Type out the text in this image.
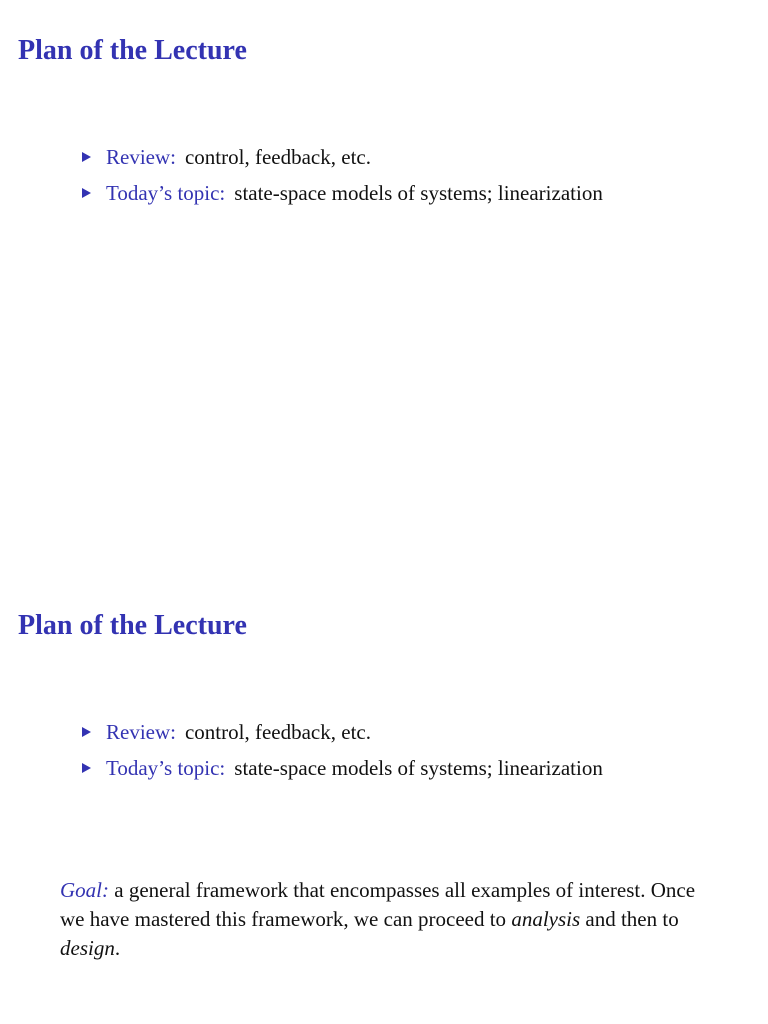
Plan of the Lecture
Review: control, feedback, etc.
Today’s topic: state-space models of systems; linearization
Plan of the Lecture
Review: control, feedback, etc.
Today’s topic: state-space models of systems; linearization

Goal: a general framework that encompasses all examples of interest. Once we have mastered this framework, we can proceed to analysis and then to design.
